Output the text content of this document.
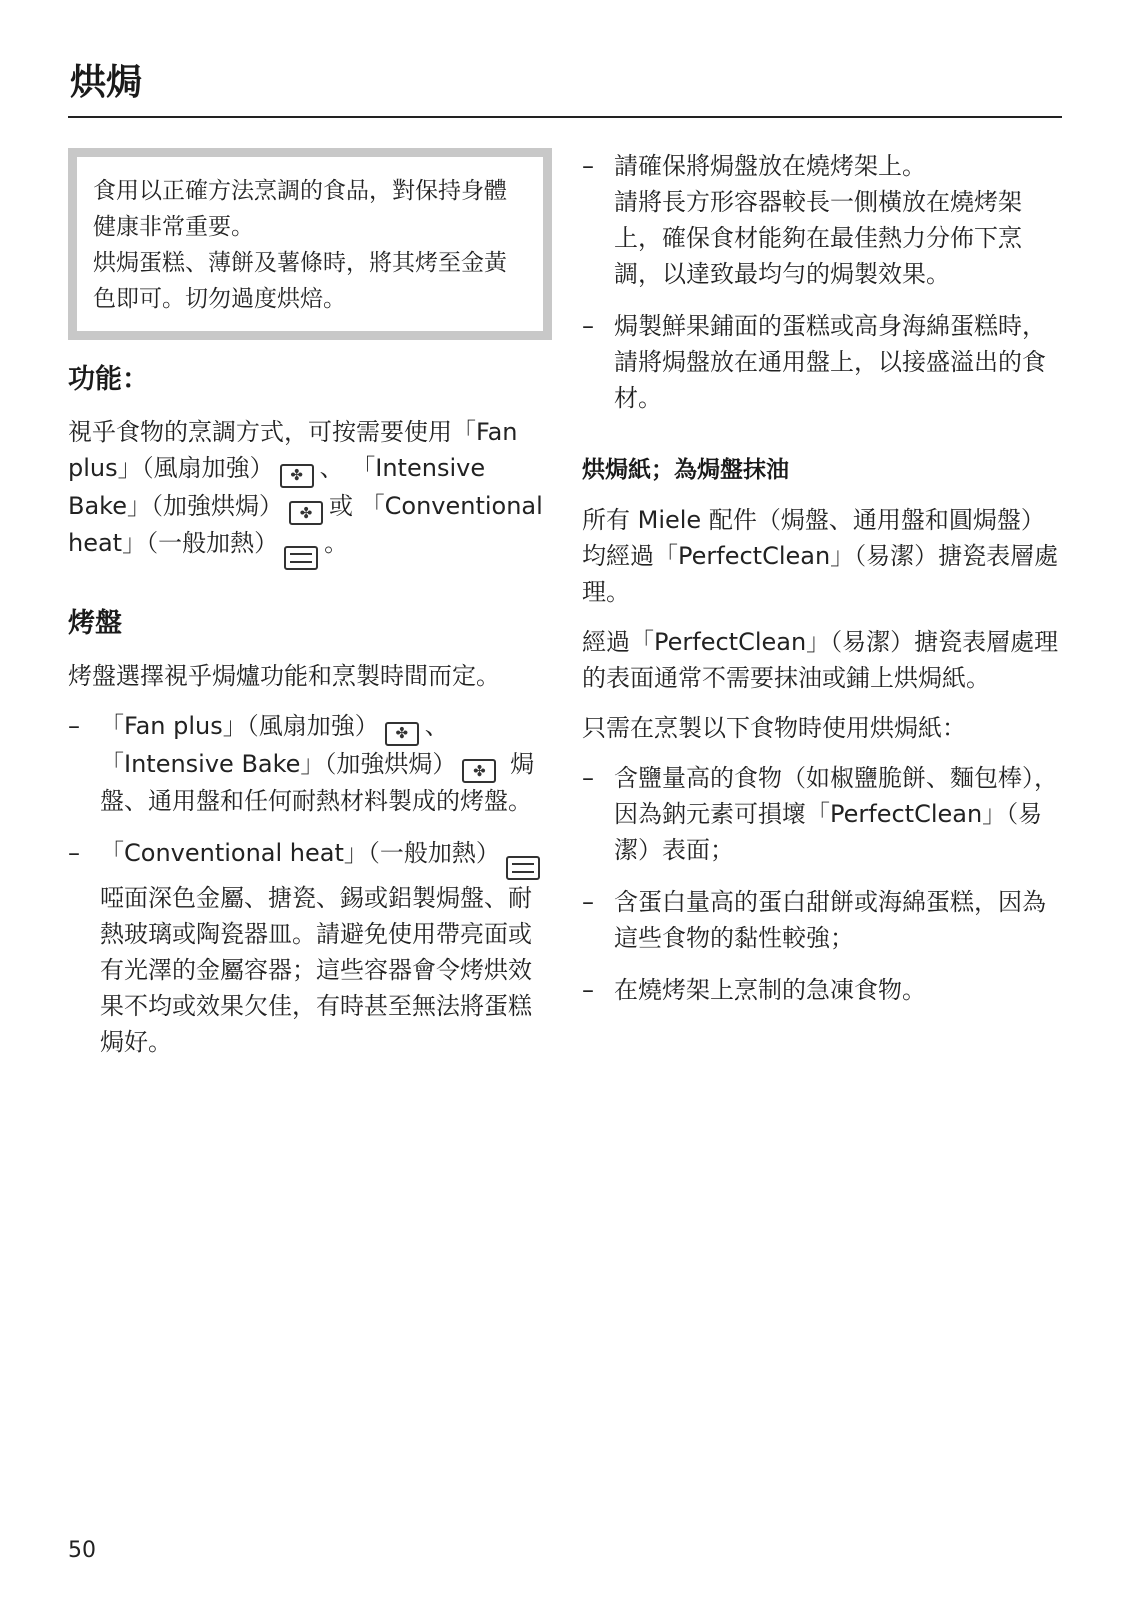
烘焗

食用以正確方法烹調的食品，對保持身體健康非常重要。

烘焗蛋糕、薄餅及薯條時，將其烤至金黃色即可。切勿過度烘焙。

功能：

視乎食物的烹調方式，可按需要使用「Fan plus」（風扇加強） ✤ 、 「Intensive Bake」（加強烘焗） ✤ 或 「Conventional heat」（一般加熱） 。

烤盤

烤盤選擇視乎焗爐功能和烹製時間而定。

– 「Fan plus」（風扇加強） ✤ 、 「Intensive Bake」（加強烘焗） ✤ 焗盤、通用盤和任何耐熱材料製成的烤盤。
– 「Conventional heat」（一般加熱）
啞面深色金屬、搪瓷、錫或鋁製焗盤、耐熱玻璃或陶瓷器皿。請避免使用帶亮面或有光澤的金屬容器；這些容器會令烤烘效果不均或效果欠佳，有時甚至無法將蛋糕焗好。
– 請確保將焗盤放在燒烤架上。
請將長方形容器較長一側橫放在燒烤架上，確保食材能夠在最佳熱力分佈下烹調，以達致最均勻的焗製效果。
– 焗製鮮果鋪面的蛋糕或高身海綿蛋糕時，請將焗盤放在通用盤上，以接盛溢出的食材。
烘焗紙；為焗盤抹油

所有 Miele 配件（焗盤、通用盤和圓焗盤）均經過「PerfectClean」（易潔）搪瓷表層處理。

經過「PerfectClean」（易潔）搪瓷表層處理的表面通常不需要抹油或鋪上烘焗紙。

只需在烹製以下食物時使用烘焗紙：

– 含鹽量高的食物（如椒鹽脆餅、麵包棒），因為鈉元素可損壞「PerfectClean」（易潔）表面；
– 含蛋白量高的蛋白甜餅或海綿蛋糕，因為這些食物的黏性較強；
– 在燒烤架上烹制的急凍食物。
50
